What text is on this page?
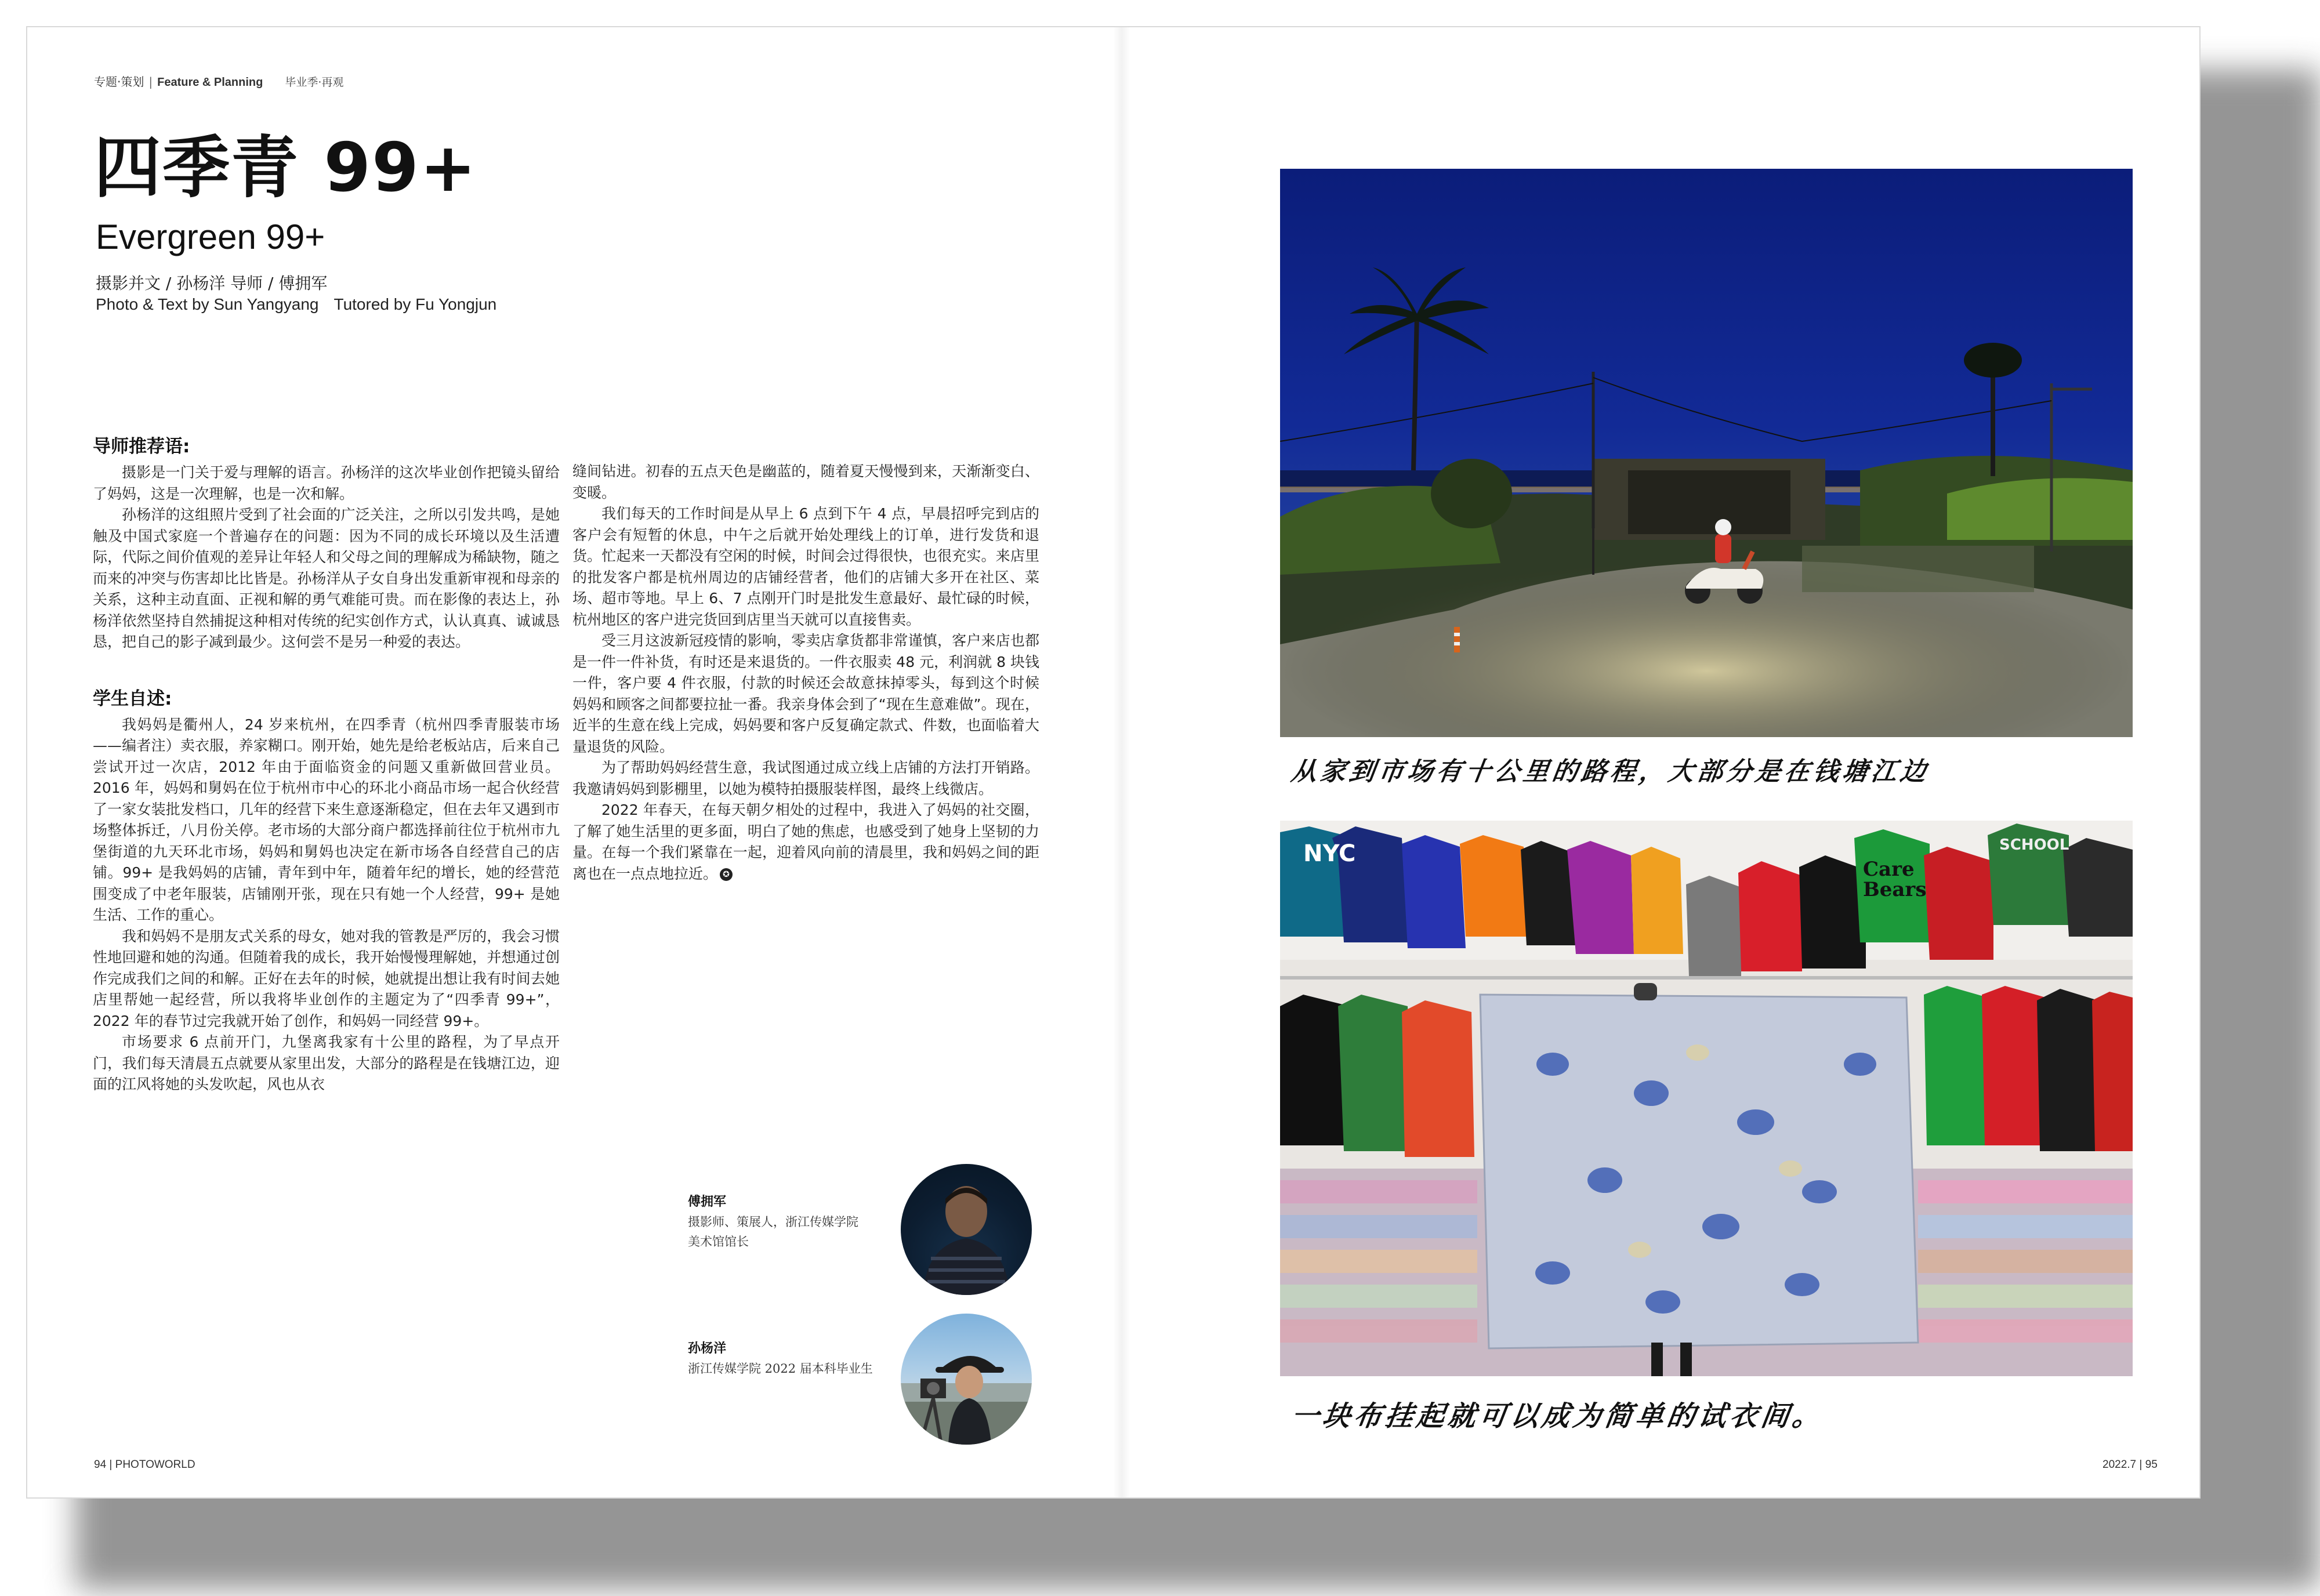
专题·策划 | Feature & Planning 毕业季·再观
四季青 99+
Evergreen 99+
摄影并文 / 孙杨洋 导师 / 傅拥军
Photo & Text by Sun Yangyang Tutored by Fu Yongjun
导师推荐语:

摄影是一门关于爱与理解的语言。孙杨洋的这次毕业创作把镜头留给了妈妈，这是一次理解，也是一次和解。

孙杨洋的这组照片受到了社会面的广泛关注，之所以引发共鸣，是她触及中国式家庭一个普遍存在的问题：因为不同的成长环境以及生活遭际，代际之间价值观的差异让年轻人和父母之间的理解成为稀缺物，随之而来的冲突与伤害却比比皆是。孙杨洋从子女自身出发重新审视和母亲的关系，这种主动直面、正视和解的勇气难能可贵。而在影像的表达上，孙杨洋依然坚持自然捕捉这种相对传统的纪实创作方式，认认真真、诚诚恳恳，把自己的影子减到最少。这何尝不是另一种爱的表达。

学生自述:

我妈妈是衢州人，24 岁来杭州，在四季青（杭州四季青服装市场——编者注）卖衣服，养家糊口。刚开始，她先是给老板站店，后来自己尝试开过一次店，2012 年由于面临资金的问题又重新做回营业员。2016 年，妈妈和舅妈在位于杭州市中心的环北小商品市场一起合伙经营了一家女装批发档口，几年的经营下来生意逐渐稳定，但在去年又遇到市场整体拆迁，八月份关停。老市场的大部分商户都选择前往位于杭州市九堡街道的九天环北市场，妈妈和舅妈也决定在新市场各自经营自己的店铺。99+ 是我妈妈的店铺，青年到中年，随着年纪的增长，她的经营范围变成了中老年服装，店铺刚开张，现在只有她一个人经营，99+ 是她生活、工作的重心。

我和妈妈不是朋友式关系的母女，她对我的管教是严厉的，我会习惯性地回避和她的沟通。但随着我的成长，我开始慢慢理解她，并想通过创作完成我们之间的和解。正好在去年的时候，她就提出想让我有时间去她店里帮她一起经营，所以我将毕业创作的主题定为了“四季青 99+”，2022 年的春节过完我就开始了创作，和妈妈一同经营 99+。

市场要求 6 点前开门，九堡离我家有十公里的路程，为了早点开门，我们每天清晨五点就要从家里出发，大部分的路程是在钱塘江边，迎面的江风将她的头发吹起，风也从衣

缝间钻进。初春的五点天色是幽蓝的，随着夏天慢慢到来，天渐渐变白、变暖。

我们每天的工作时间是从早上 6 点到下午 4 点，早晨招呼完到店的客户会有短暂的休息，中午之后就开始处理线上的订单，进行发货和退货。忙起来一天都没有空闲的时候，时间会过得很快，也很充实。来店里的批发客户都是杭州周边的店铺经营者，他们的店铺大多开在社区、菜场、超市等地。早上 6、7 点刚开门时是批发生意最好、最忙碌的时候，杭州地区的客户进完货回到店里当天就可以直接售卖。

受三月这波新冠疫情的影响，零卖店拿货都非常谨慎，客户来店也都是一件一件补货，有时还是来退货的。一件衣服卖 48 元，利润就 8 块钱一件，客户要 4 件衣服，付款的时候还会故意抹掉零头，每到这个时候妈妈和顾客之间都要拉扯一番。我亲身体会到了“现在生意难做”。现在，近半的生意在线上完成，妈妈要和客户反复确定款式、件数，也面临着大量退货的风险。

为了帮助妈妈经营生意，我试图通过成立线上店铺的方法打开销路。我邀请妈妈到影棚里，以她为模特拍摄服装样图，最终上线微店。

2022 年春天，在每天朝夕相处的过程中，我进入了妈妈的社交圈，了解了她生活里的更多面，明白了她的焦虑，也感受到了她身上坚韧的力量。在每一个我们紧靠在一起，迎着风向前的清晨里，我和妈妈之间的距离也在一点点地拉近。 ✪

傅拥军
摄影师、策展人，浙江传媒学院
美术馆馆长
孙杨洋
浙江传媒学院 2022 届本科毕业生
从家到市场有十公里的路程，大部分是在钱塘江边
NYC
Care
Bears
SCHOOL
一块布挂起就可以成为简单的试衣间。
94 | PHOTOWORLD	2022.7 | 95
